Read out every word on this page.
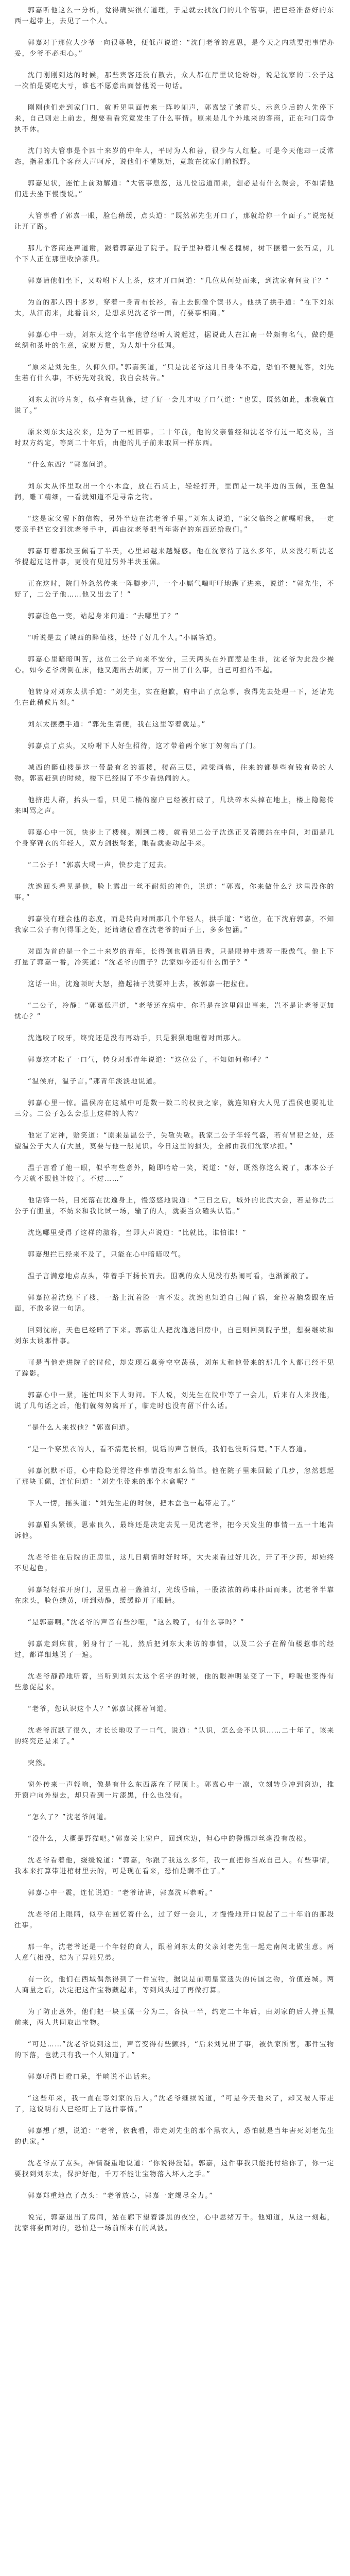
郭嘉听他这么一分析，觉得确实很有道理，于是就去找沈门的几个管事，把已经准备好的东西一起带上，去见了一个人。

郭嘉对于那位大少爷一向很尊敬，便低声说道：“沈门老爷的意思，是今天之内就要把事情办妥，少爷不必担心。”

沈门刚刚到达的时候，那些宾客还没有散去，众人都在厅里议论纷纷，说是沈家的二公子这一次怕是要吃大亏，谁也不愿意出面替他说一句话。

刚刚他们走到家门口，就听见里面传来一阵吵闹声，郭嘉皱了皱眉头，示意身后的人先停下来，自己则走上前去，想要看看究竟发生了什么事情。原来是几个外地来的客商，正在和门房争执不休。

沈门的大管事是个四十来岁的中年人，平时为人和善，很少与人红脸。可是今天他却一反常态，指着那几个客商大声呵斥，说他们不懂规矩，竟敢在沈家门前撒野。

郭嘉见状，连忙上前劝解道：“大管事息怒，这几位远道而来，想必是有什么误会，不如请他们进去坐下慢慢说。”

大管事看了郭嘉一眼，脸色稍缓，点头道：“既然郭先生开口了，那就给你一个面子。”说完便让开了路。

那几个客商连声道谢，跟着郭嘉进了院子。院子里种着几棵老槐树，树下摆着一张石桌，几个下人正在那里收拾茶具。

郭嘉请他们坐下，又吩咐下人上茶，这才开口问道：“几位从何处而来，到沈家有何贵干？”

为首的那人四十多岁，穿着一身青布长衫，看上去倒像个读书人。他拱了拱手道：“在下刘东太，从江南来，此番前来，是想求见沈老爷一面，有要事相商。”

郭嘉心中一动，刘东太这个名字他曾经听人说起过，据说此人在江南一带颇有名气，做的是丝绸和茶叶的生意，家财万贯，为人却十分低调。

“原来是刘先生，久仰久仰。”郭嘉笑道，“只是沈老爷这几日身体不适，恐怕不便见客，刘先生若有什么事，不妨先对我说，我自会转告。”

刘东太沉吟片刻，似乎有些犹豫，过了好一会儿才叹了口气道：“也罢，既然如此，那我就直说了。”

原来刘东太这次来，是为了一桩旧事。二十年前，他的父亲曾经和沈老爷有过一笔交易，当时双方约定，等到二十年后，由他的儿子前来取回一样东西。

“什么东西？”郭嘉问道。

刘东太从怀里取出一个小木盒，放在石桌上，轻轻打开，里面是一块半边的玉佩，玉色温润，雕工精细，一看就知道不是寻常之物。

“这是家父留下的信物，另外半边在沈老爷手里。”刘东太说道，“家父临终之前嘱咐我，一定要亲手把它交到沈老爷手中，再由沈老爷把当年寄存的东西还给我们。”

郭嘉盯着那块玉佩看了半天，心里却越来越疑惑。他在沈家待了这么多年，从来没有听沈老爷提起过这件事，更没有见过另外半块玉佩。

正在这时，院门外忽然传来一阵脚步声，一个小厮气喘吁吁地跑了进来，说道：“郭先生，不好了，二公子他……他又出去了！”

郭嘉脸色一变，站起身来问道：“去哪里了？”

“听说是去了城西的醉仙楼，还带了好几个人。”小厮答道。

郭嘉心里暗暗叫苦，这位二公子向来不安分，三天两头在外面惹是生非，沈老爷为此没少操心。如今老爷病倒在床，他又跑出去胡闹，万一出了什么事，自己可担待不起。

他转身对刘东太拱手道：“刘先生，实在抱歉，府中出了点急事，我得先去处理一下，还请先生在此稍候片刻。”

刘东太摆摆手道：“郭先生请便，我在这里等着就是。”

郭嘉点了点头，又吩咐下人好生招待，这才带着两个家丁匆匆出了门。

城西的醉仙楼是这一带最有名的酒楼，楼高三层，雕梁画栋，往来的都是些有钱有势的人物。郭嘉赶到的时候，楼下已经围了不少看热闹的人。

他挤进人群，抬头一看，只见二楼的窗户已经被打破了，几块碎木头掉在地上，楼上隐隐传来叫骂之声。

郭嘉心中一沉，快步上了楼梯。刚到二楼，就看见二公子沈逸正叉着腰站在中间，对面是几个身穿锦衣的年轻人，双方剑拔弩张，眼看就要动起手来。

“二公子！”郭嘉大喝一声，快步走了过去。

沈逸回头看见是他，脸上露出一丝不耐烦的神色，说道：“郭嘉，你来做什么？这里没你的事。”

郭嘉没有理会他的态度，而是转向对面那几个年轻人，拱手道：“诸位，在下沈府郭嘉，不知我家二公子有何得罪之处，还请诸位看在沈老爷的面子上，多多包涵。”

对面为首的是一个二十来岁的青年，长得倒也眉清目秀，只是眼神中透着一股傲气。他上下打量了郭嘉一番，冷笑道：“沈老爷的面子？沈家如今还有什么面子？”

这话一出，沈逸顿时大怒，撸起袖子就要冲上去，被郭嘉一把拉住。

“二公子，冷静！”郭嘉低声道，“老爷还在病中，你若是在这里闹出事来，岂不是让老爷更加忧心？”

沈逸咬了咬牙，终究还是没有再动手，只是狠狠地瞪着对面那人。

郭嘉这才松了一口气，转身对那青年说道：“这位公子，不知如何称呼？”

“温侯府，温子言。”那青年淡淡地说道。

郭嘉心里一惊。温侯府在这城中可是数一数二的权贵之家，就连知府大人见了温侯也要礼让三分。二公子怎么会惹上这样的人物？

他定了定神，赔笑道：“原来是温公子，失敬失敬。我家二公子年轻气盛，若有冒犯之处，还望温公子大人有大量，莫要与他一般见识。今日这里的损失，全部由我们沈家承担。”

温子言看了他一眼，似乎有些意外，随即哈哈一笑，说道：“好，既然你这么说了，那本公子今天就不跟他计较了。不过……”

他话锋一转，目光落在沈逸身上，慢悠悠地说道：“三日之后，城外的比武大会，若是你沈二公子有胆量，不妨来和我比试一场，输了的人，就要当众磕头认错。”

沈逸哪里受得了这样的激将，当即大声说道：“比就比，谁怕谁！”

郭嘉想拦已经来不及了，只能在心中暗暗叹气。

温子言满意地点点头，带着手下扬长而去。围观的众人见没有热闹可看，也渐渐散了。

郭嘉拉着沈逸下了楼，一路上沉着脸一言不发。沈逸也知道自己闯了祸，耷拉着脑袋跟在后面，不敢多说一句话。

回到沈府，天色已经暗了下来。郭嘉让人把沈逸送回房中，自己则回到院子里，想要继续和刘东太谈那件事。

可是当他走进院子的时候，却发现石桌旁空空荡荡，刘东太和他带来的那几个人都已经不见了踪影。

郭嘉心中一紧，连忙叫来下人询问。下人说，刘先生在院中等了一会儿，后来有人来找他，说了几句话之后，他们就匆匆离开了，临走时也没有留下什么话。

“是什么人来找他？”郭嘉问道。

“是一个穿黑衣的人，看不清楚长相，说话的声音很低，我们也没听清楚。”下人答道。

郭嘉沉默不语，心中隐隐觉得这件事情没有那么简单。他在院子里来回踱了几步，忽然想起了那块玉佩，连忙问道：“刘先生带来的那个木盒呢？”

下人一愣，摇头道：“刘先生走的时候，把木盒也一起带走了。”

郭嘉眉头紧锁，思索良久，最终还是决定去见一见沈老爷，把今天发生的事情一五一十地告诉他。

沈老爷住在后院的正房里，这几日病情时好时坏，大夫来看过好几次，开了不少药，却始终不见起色。

郭嘉轻轻推开房门，屋里点着一盏油灯，光线昏暗，一股浓浓的药味扑面而来。沈老爷半靠在床头，脸色蜡黄，听到动静，缓缓睁开了眼睛。

“是郭嘉啊。”沈老爷的声音有些沙哑，“这么晚了，有什么事吗？”

郭嘉走到床前，躬身行了一礼，然后把刘东太来访的事情，以及二公子在醉仙楼惹事的经过，都详细地说了一遍。

沈老爷静静地听着，当听到刘东太这个名字的时候，他的眼神明显变了一下，呼吸也变得有些急促起来。

“老爷，您认识这个人？”郭嘉试探着问道。

沈老爷沉默了很久，才长长地叹了一口气，说道：“认识，怎么会不认识……二十年了，该来的终究还是来了。”

突然。

窗外传来一声轻响，像是有什么东西落在了屋顶上。郭嘉心中一凛，立刻转身冲到窗边，推开窗户向外望去，却只看到一片漆黑，什么也没有。

“怎么了？”沈老爷问道。

“没什么，大概是野猫吧。”郭嘉关上窗户，回到床边，但心中的警惕却丝毫没有放松。

沈老爷看着他，缓缓说道：“郭嘉，你跟了我这么多年，我一直把你当成自己人。有些事情，我本来打算带进棺材里去的，可是现在看来，恐怕是瞒不住了。”

郭嘉心中一震，连忙说道：“老爷请讲，郭嘉洗耳恭听。”

沈老爷闭上眼睛，似乎在回忆着什么，过了好一会儿，才慢慢地开口说起了二十年前的那段往事。

那一年，沈老爷还是一个年轻的商人，跟着刘东太的父亲刘老先生一起走南闯北做生意。两人意气相投，结为了异姓兄弟。

有一次，他们在西域偶然得到了一件宝物，据说是前朝皇室遗失的传国之物，价值连城。两人商量之后，决定把这件宝物藏起来，等到风头过了再做打算。

为了防止意外，他们把一块玉佩一分为二，各执一半，约定二十年后，由刘家的后人持玉佩前来，两人共同取出宝物。

“可是……”沈老爷说到这里，声音变得有些颤抖，“后来刘兄出了事，被仇家所害，那件宝物的下落，也就只有我一个人知道了。”

郭嘉听得目瞪口呆，半晌说不出话来。

“这些年来，我一直在等刘家的后人。”沈老爷继续说道，“可是今天他来了，却又被人带走了，这说明有人已经盯上了这件事情。”

郭嘉想了想，说道：“老爷，依我看，带走刘先生的那个黑衣人，恐怕就是当年害死刘老先生的仇家。”

沈老爷点了点头，神情凝重地说道：“你说得没错。郭嘉，这件事我只能托付给你了，你一定要找到刘东太，保护好他，千万不能让宝物落入坏人之手。”

郭嘉郑重地点了点头：“老爷放心，郭嘉一定竭尽全力。”

说完，郭嘉退出了房间，站在廊下望着漆黑的夜空，心中思绪万千。他知道，从这一刻起，沈家将要面对的，恐怕是一场前所未有的风波。
